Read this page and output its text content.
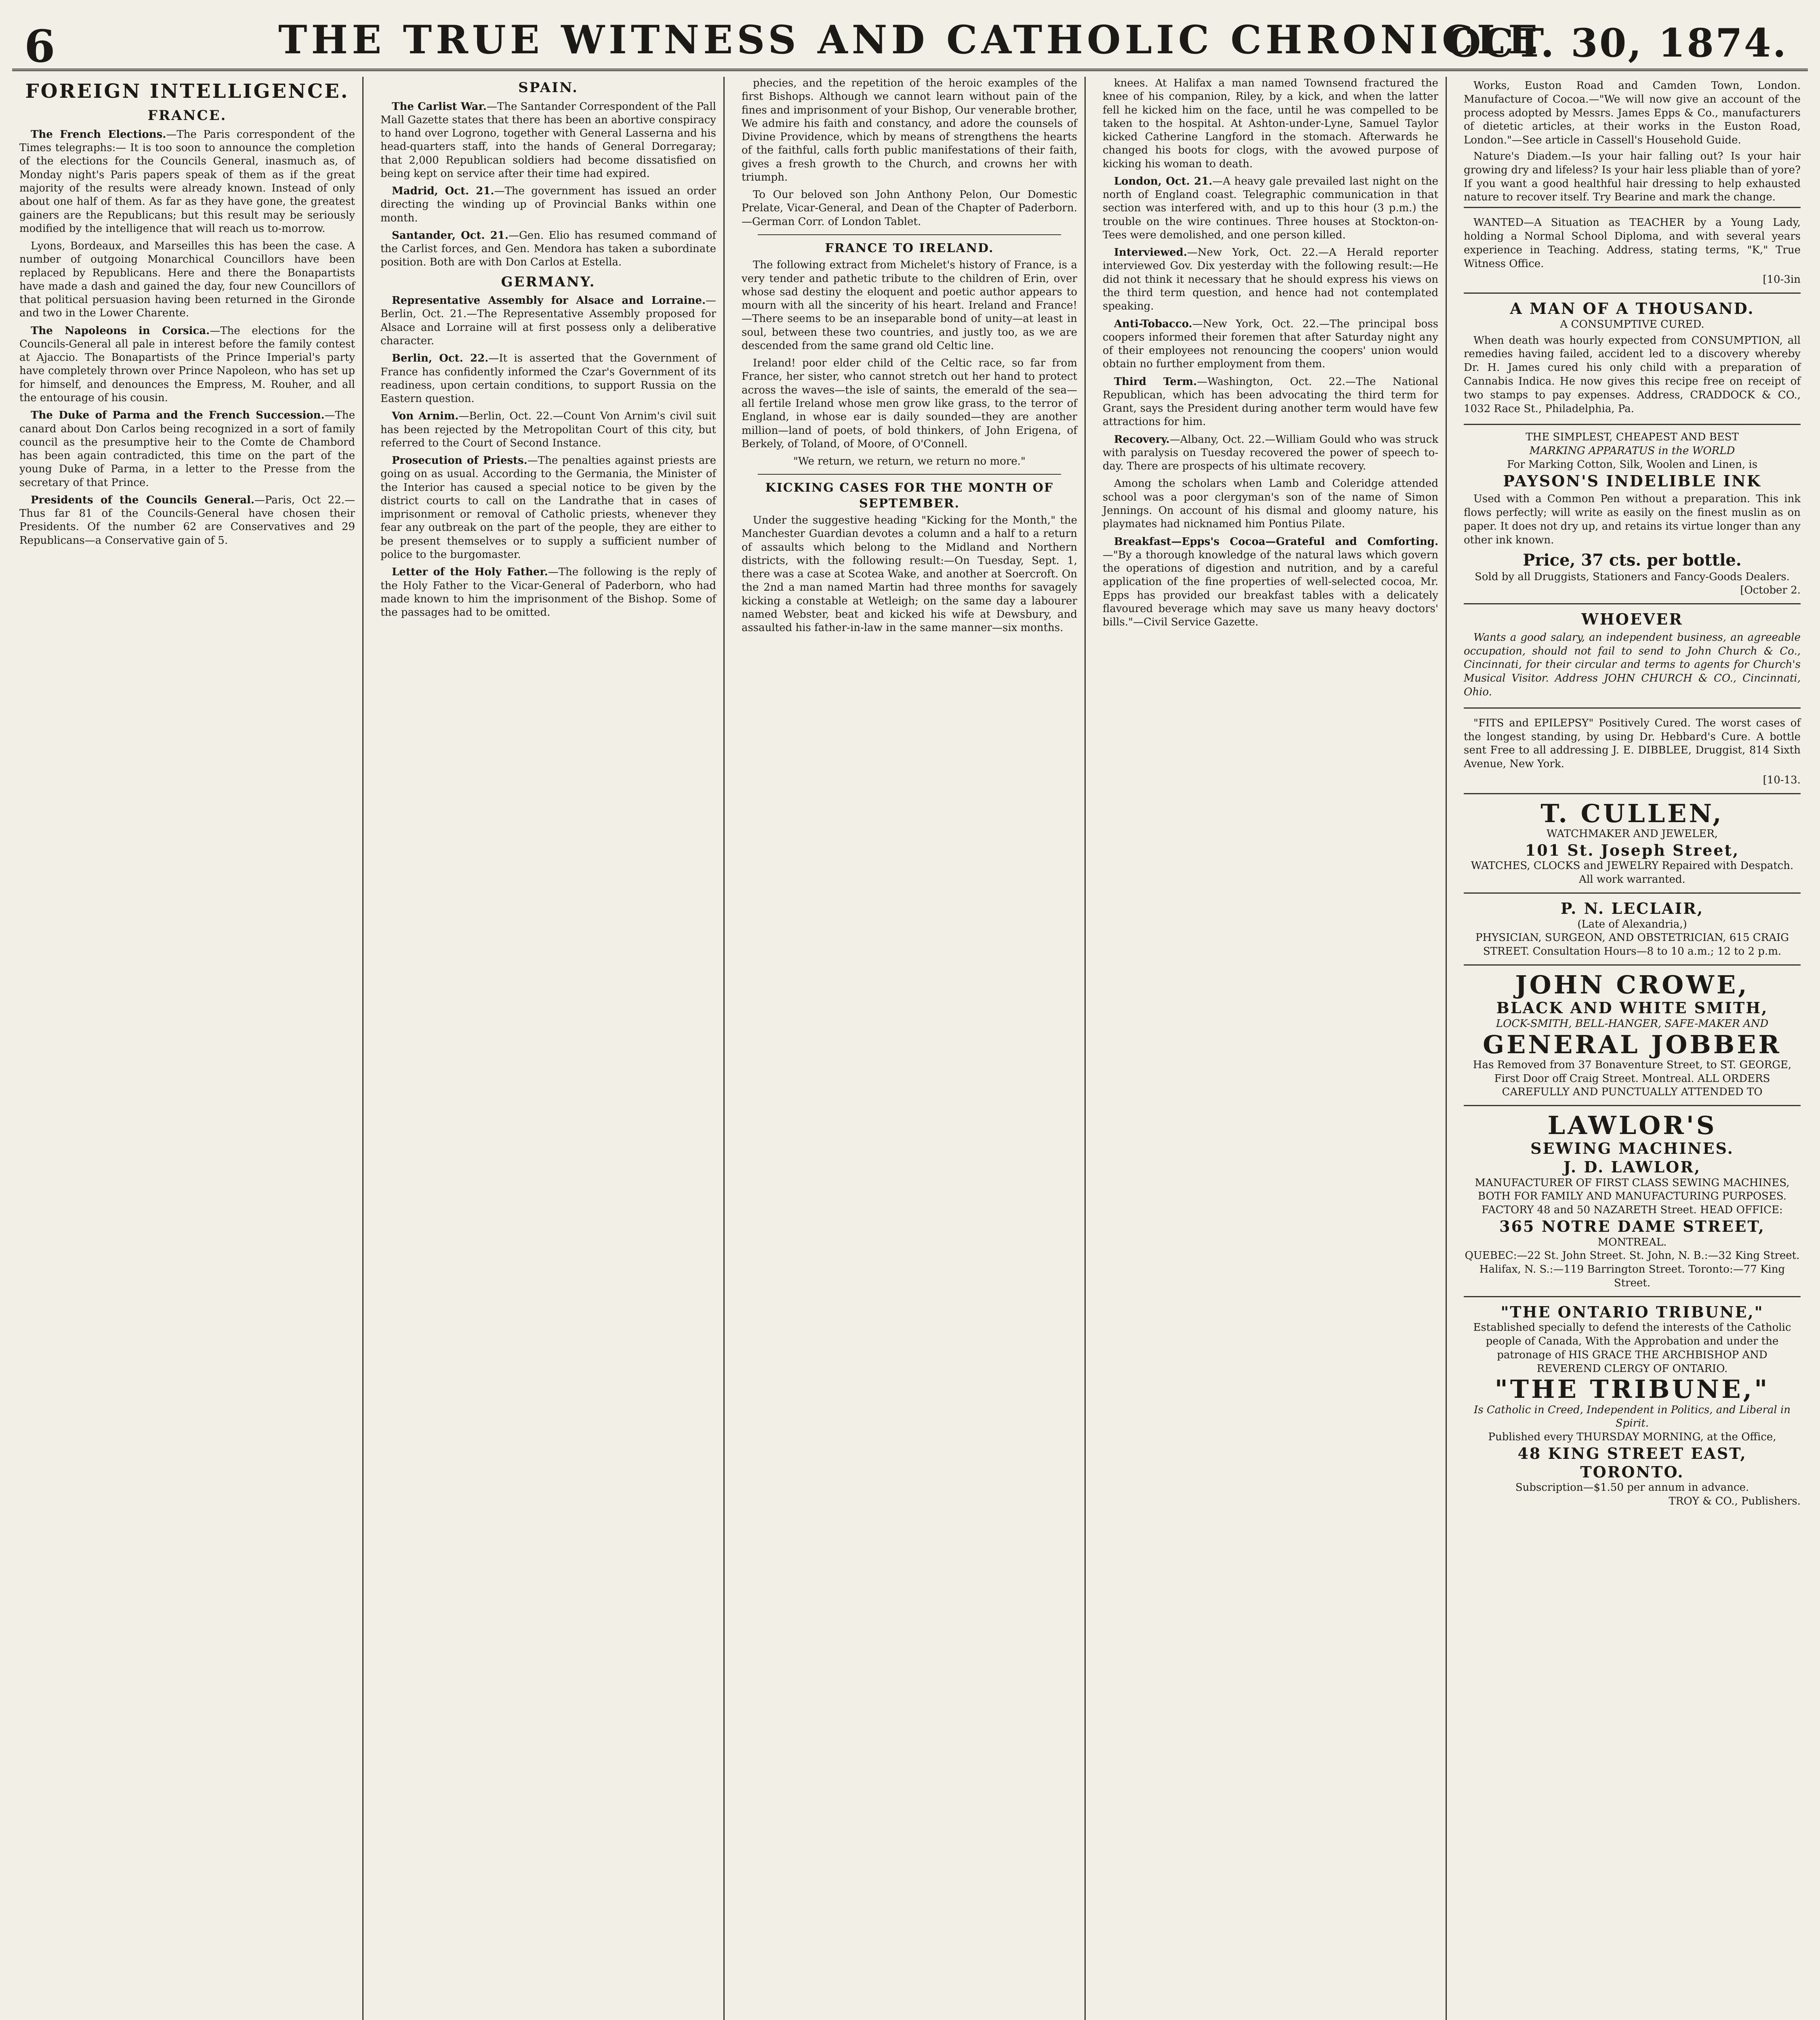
6	THE TRUE WITNESS AND CATHOLIC CHRONICLE
OCT. 30, 1874.
FOREIGN INTELLIGENCE.
FRANCE.

The French Elections.—The Paris correspondent of the Times telegraphs:— It is too soon to announce the completion of the elections for the Councils General, inasmuch as, of Monday night's Paris papers speak of them as if the great majority of the results were already known. Instead of only about one half of them. As far as they have gone, the greatest gainers are the Republicans; but this result may be seriously modified by the intelligence that will reach us to-morrow.

Lyons, Bordeaux, and Marseilles this has been the case. A number of outgoing Monarchical Councillors have been replaced by Republicans. Here and there the Bonapartists have made a dash and gained the day, four new Councillors of that political persuasion having been returned in the Gironde and two in the Lower Charente.

The Napoleons in Corsica.—The elections for the Councils-General all pale in interest before the family contest at Ajaccio. The Bonapartists of the Prince Imperial's party have completely thrown over Prince Napoleon, who has set up for himself, and denounces the Empress, M. Rouher, and all the entourage of his cousin.

The Duke of Parma and the French Succession.—The canard about Don Carlos being recognized in a sort of family council as the presumptive heir to the Comte de Chambord has been again contradicted, this time on the part of the young Duke of Parma, in a letter to the Presse from the secretary of that Prince.

Presidents of the Councils General.—Paris, Oct 22.—Thus far 81 of the Councils-General have chosen their Presidents. Of the number 62 are Conservatives and 29 Republicans—a Conservative gain of 5.

SPAIN.

The Carlist War.—The Santander Correspondent of the Pall Mall Gazette states that there has been an abortive conspiracy to hand over Logrono, together with General Lasserna and his head-quarters staff, into the hands of General Dorregaray; that 2,000 Republican soldiers had become dissatisfied on being kept on service after their time had expired.

Madrid, Oct. 21.—The government has issued an order directing the winding up of Provincial Banks within one month.

Santander, Oct. 21.—Gen. Elio has resumed command of the Carlist forces, and Gen. Mendora has taken a subordinate position. Both are with Don Carlos at Estella.

GERMANY.

Representative Assembly for Alsace and Lorraine.—Berlin, Oct. 21.—The Representative Assembly proposed for Alsace and Lorraine will at first possess only a deliberative character.

Berlin, Oct. 22.—It is asserted that the Government of France has confidently informed the Czar's Government of its readiness, upon certain conditions, to support Russia on the Eastern question.

Von Arnim.—Berlin, Oct. 22.—Count Von Arnim's civil suit has been rejected by the Metropolitan Court of this city, but referred to the Court of Second Instance.

Prosecution of Priests.—The penalties against priests are going on as usual. According to the Germania, the Minister of the Interior has caused a special notice to be given by the district courts to call on the Landrathe that in cases of imprisonment or removal of Catholic priests, whenever they fear any outbreak on the part of the people, they are either to be present themselves or to supply a sufficient number of police to the burgomaster.

Letter of the Holy Father.—The following is the reply of the Holy Father to the Vicar-General of Paderborn, who had made known to him the imprisonment of the Bishop. Some of the passages had to be omitted.

phecies, and the repetition of the heroic examples of the first Bishops. Although we cannot learn without pain of the fines and imprisonment of your Bishop, Our venerable brother, We admire his faith and constancy, and adore the counsels of Divine Providence, which by means of strengthens the hearts of the faithful, calls forth public manifestations of their faith, gives a fresh growth to the Church, and crowns her with triumph.

To Our beloved son John Anthony Pelon, Our Domestic Prelate, Vicar-General, and Dean of the Chapter of Paderborn.—German Corr. of London Tablet.

FRANCE TO IRELAND.

The following extract from Michelet's history of France, is a very tender and pathetic tribute to the children of Erin, over whose sad destiny the eloquent and poetic author appears to mourn with all the sincerity of his heart. Ireland and France!—There seems to be an inseparable bond of unity—at least in soul, between these two countries, and justly too, as we are descended from the same grand old Celtic line.

Ireland! poor elder child of the Celtic race, so far from France, her sister, who cannot stretch out her hand to protect across the waves—the isle of saints, the emerald of the sea—all fertile Ireland whose men grow like grass, to the terror of England, in whose ear is daily sounded—they are another million—land of poets, of bold thinkers, of John Erigena, of Berkely, of Toland, of Moore, of O'Connell.

"We return, we return, we return no more."

KICKING CASES FOR THE MONTH OF SEPTEMBER.

Under the suggestive heading "Kicking for the Month," the Manchester Guardian devotes a column and a half to a return of assaults which belong to the Midland and Northern districts, with the following result:—On Tuesday, Sept. 1, there was a case at Scotea Wake, and another at Soercroft. On the 2nd a man named Martin had three months for savagely kicking a constable at Wetleigh; on the same day a labourer named Webster, beat and kicked his wife at Dewsbury, and assaulted his father-in-law in the same manner—six months.

knees. At Halifax a man named Townsend fractured the knee of his companion, Riley, by a kick, and when the latter fell he kicked him on the face, until he was compelled to be taken to the hospital. At Ashton-under-Lyne, Samuel Taylor kicked Catherine Langford in the stomach. Afterwards he changed his boots for clogs, with the avowed purpose of kicking his woman to death.

London, Oct. 21.—A heavy gale prevailed last night on the north of England coast. Telegraphic communication in that section was interfered with, and up to this hour (3 p.m.) the trouble on the wire continues. Three houses at Stockton-on-Tees were demolished, and one person killed.

Interviewed.—New York, Oct. 22.—A Herald reporter interviewed Gov. Dix yesterday with the following result:—He did not think it necessary that he should express his views on the third term question, and hence had not contemplated speaking.

Anti-Tobacco.—New York, Oct. 22.—The principal boss coopers informed their foremen that after Saturday night any of their employees not renouncing the coopers' union would obtain no further employment from them.

Third Term.—Washington, Oct. 22.—The National Republican, which has been advocating the third term for Grant, says the President during another term would have few attractions for him.

Recovery.—Albany, Oct. 22.—William Gould who was struck with paralysis on Tuesday recovered the power of speech to-day. There are prospects of his ultimate recovery.

Among the scholars when Lamb and Coleridge attended school was a poor clergyman's son of the name of Simon Jennings. On account of his dismal and gloomy nature, his playmates had nicknamed him Pontius Pilate.

Breakfast—Epps's Cocoa—Grateful and Comforting.—"By a thorough knowledge of the natural laws which govern the operations of digestion and nutrition, and by a careful application of the fine properties of well-selected cocoa, Mr. Epps has provided our breakfast tables with a delicately flavoured beverage which may save us many heavy doctors' bills."—Civil Service Gazette.

Works, Euston Road and Camden Town, London. Manufacture of Cocoa.—"We will now give an account of the process adopted by Messrs. James Epps & Co., manufacturers of dietetic articles, at their works in the Euston Road, London."—See article in Cassell's Household Guide.

Nature's Diadem.—Is your hair falling out? Is your hair growing dry and lifeless? Is your hair less pliable than of yore? If you want a good healthful hair dressing to help exhausted nature to recover itself. Try Bearine and mark the change.

WANTED—A Situation as TEACHER by a Young Lady, holding a Normal School Diploma, and with several years experience in Teaching. Address, stating terms, "K," True Witness Office.

[10-3in
A MAN OF A THOUSAND.
A CONSUMPTIVE CURED.

When death was hourly expected from CONSUMPTION, all remedies having failed, accident led to a discovery whereby Dr. H. James cured his only child with a preparation of Cannabis Indica. He now gives this recipe free on receipt of two stamps to pay expenses. Address, CRADDOCK & CO., 1032 Race St., Philadelphia, Pa.

THE SIMPLEST, CHEAPEST AND BEST
MARKING APPARATUS in the WORLD
For Marking Cotton, Silk, Woolen and Linen, is
PAYSON'S INDELIBLE INK

Used with a Common Pen without a preparation. This ink flows perfectly; will write as easily on the finest muslin as on paper. It does not dry up, and retains its virtue longer than any other ink known.

Price, 37 cts. per bottle.
Sold by all Druggists, Stationers and Fancy-Goods Dealers.
[October 2.
WHOEVER

Wants a good salary, an independent business, an agreeable occupation, should not fail to send to John Church & Co., Cincinnati, for their circular and terms to agents for Church's Musical Visitor. Address JOHN CHURCH & CO., Cincinnati, Ohio.

"FITS and EPILEPSY" Positively Cured. The worst cases of the longest standing, by using Dr. Hebbard's Cure. A bottle sent Free to all addressing J. E. DIBBLEE, Druggist, 814 Sixth Avenue, New York.

[10-13.
T. CULLEN,
WATCHMAKER AND JEWELER,
101 St. Joseph Street,
WATCHES, CLOCKS and JEWELRY Repaired with Despatch. All work warranted.
P. N. LECLAIR,
(Late of Alexandria,)
PHYSICIAN, SURGEON, AND OBSTETRICIAN, 615 CRAIG STREET. Consultation Hours—8 to 10 a.m.; 12 to 2 p.m.
JOHN CROWE,
BLACK AND WHITE SMITH,
LOCK-SMITH, BELL-HANGER, SAFE-MAKER AND
GENERAL JOBBER
Has Removed from 37 Bonaventure Street, to ST. GEORGE, First Door off Craig Street. Montreal. ALL ORDERS CAREFULLY AND PUNCTUALLY ATTENDED TO
LAWLOR'S
SEWING MACHINES.
J. D. LAWLOR,
MANUFACTURER OF FIRST CLASS SEWING MACHINES, BOTH FOR FAMILY AND MANUFACTURING PURPOSES. FACTORY 48 and 50 NAZARETH Street. HEAD OFFICE:
365 NOTRE DAME STREET,
MONTREAL.
QUEBEC:—22 St. John Street. St. John, N. B.:—32 King Street. Halifax, N. S.:—119 Barrington Street. Toronto:—77 King Street.
"THE ONTARIO TRIBUNE,"
Established specially to defend the interests of the Catholic people of Canada, With the Approbation and under the patronage of HIS GRACE THE ARCHBISHOP AND REVEREND CLERGY OF ONTARIO.
"THE TRIBUNE,"
Is Catholic in Creed, Independent in Politics, and Liberal in Spirit.
Published every THURSDAY MORNING, at the Office,
48 KING STREET EAST, TORONTO.
Subscription—$1.50 per annum in advance.
TROY & CO., Publishers.
